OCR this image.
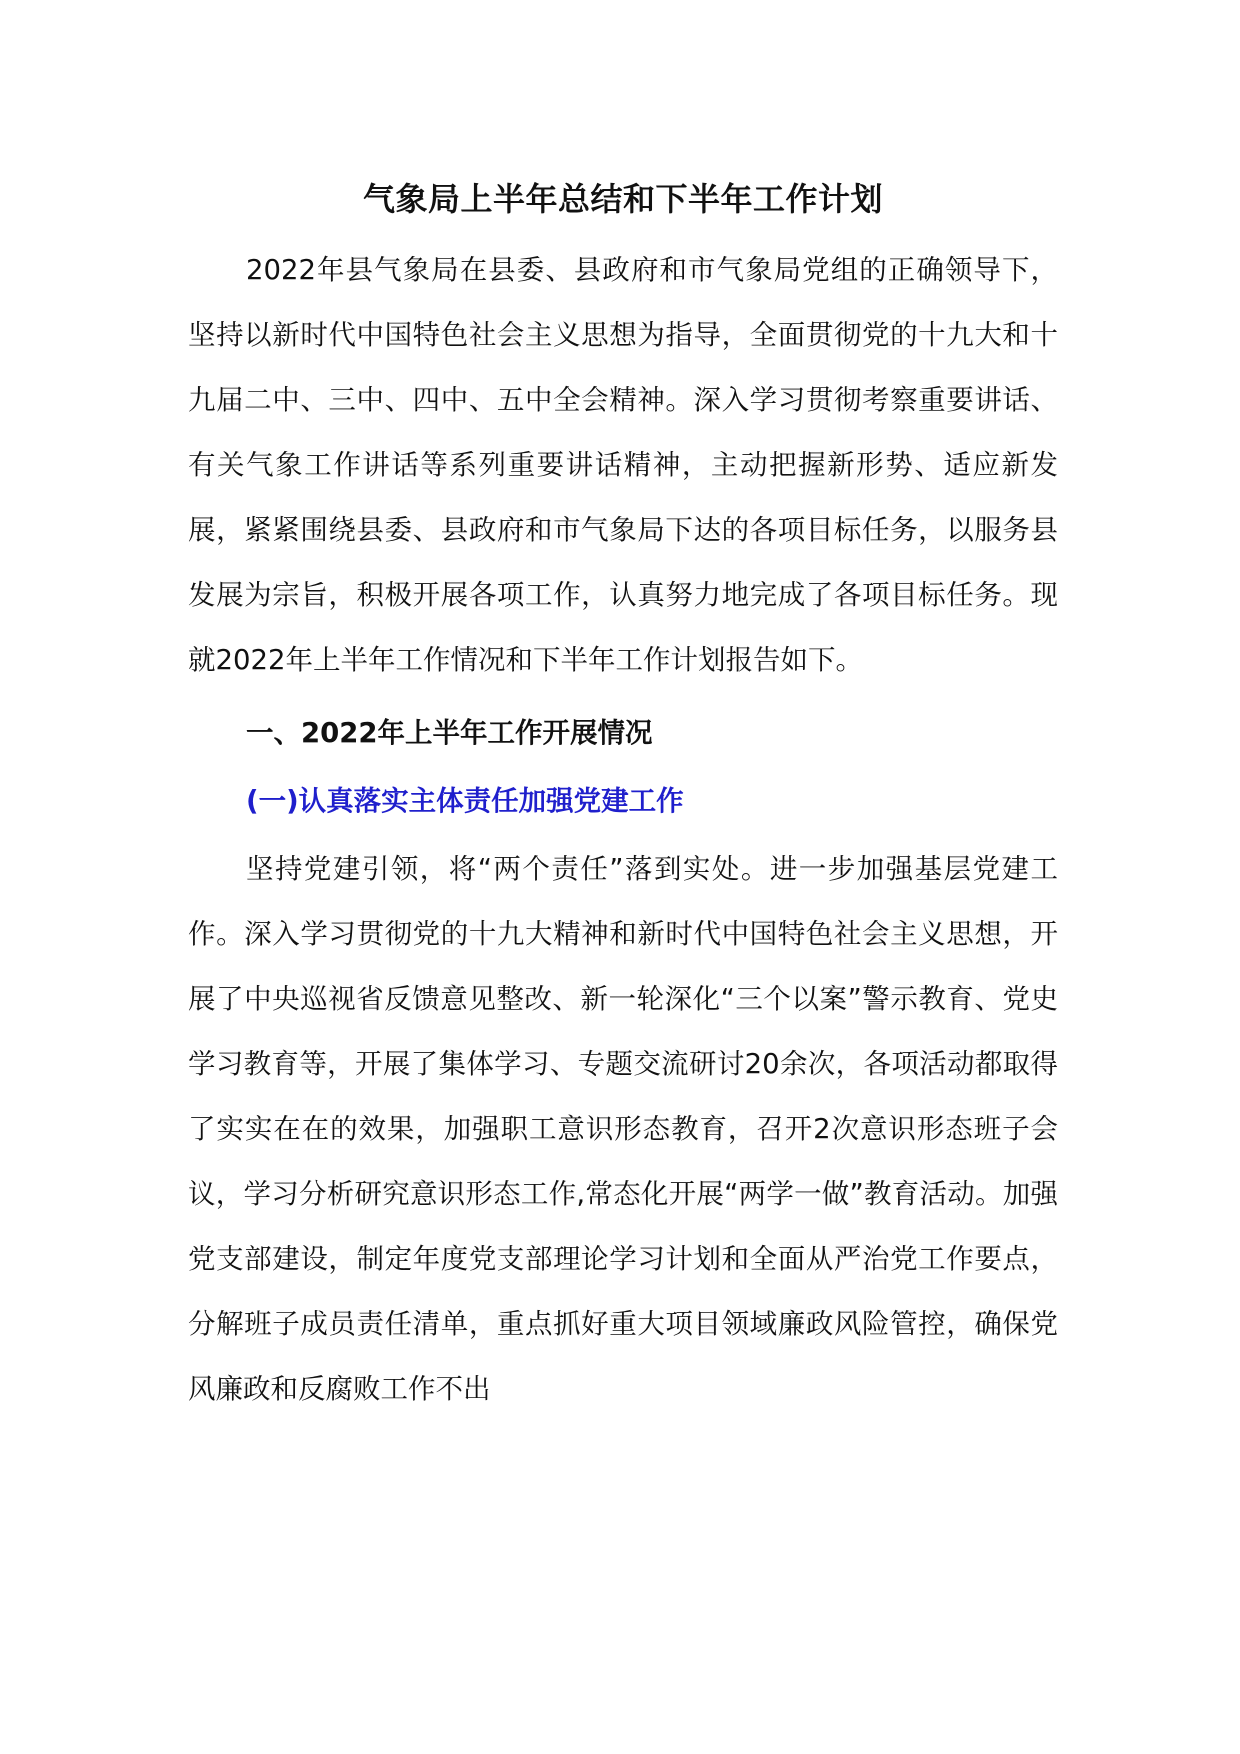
气象局上半年总结和下半年工作计划

2022年县气象局在县委、县政府和市气象局党组的正确领导下，坚持以新时代中国特色社会主义思想为指导，全面贯彻党的十九大和十九届二中、三中、四中、五中全会精神。深入学习贯彻考察重要讲话、有关气象工作讲话等系列重要讲话精神，主动把握新形势、适应新发展，紧紧围绕县委、县政府和市气象局下达的各项目标任务，以服务县发展为宗旨，积极开展各项工作，认真努力地完成了各项目标任务。现就2022年上半年工作情况和下半年工作计划报告如下。

一、2022年上半年工作开展情况

(一)认真落实主体责任加强党建工作

坚持党建引领，将“两个责任”落到实处。进一步加强基层党建工作。深入学习贯彻党的十九大精神和新时代中国特色社会主义思想，开展了中央巡视省反馈意见整改、新一轮深化“三个以案”警示教育、党史学习教育等，开展了集体学习、专题交流研讨20余次，各项活动都取得了实实在在的效果，加强职工意识形态教育，召开2次意识形态班子会议，学习分析研究意识形态工作,常态化开展“两学一做”教育活动。加强党支部建设，制定年度党支部理论学习计划和全面从严治党工作要点，分解班子成员责任清单，重点抓好重大项目领域廉政风险管控，确保党风廉政和反腐败工作不出
